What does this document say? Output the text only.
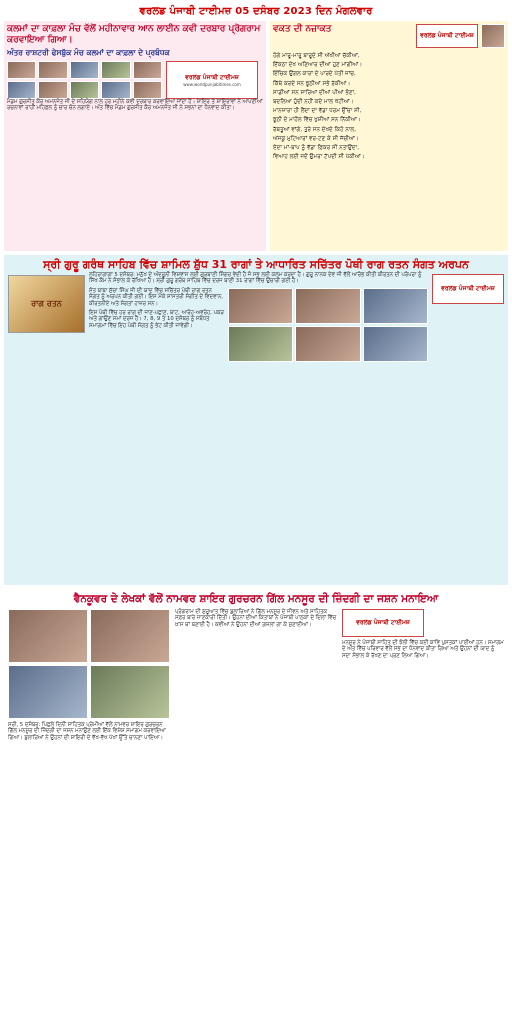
ਵਰਲਡ ਪੰਜਾਬੀ ਟਾਈਮਜ਼ 05 ਦਸੰਬਰ 2023 ਦਿਨ ਮੰਗਲਵਾਰ
ਕਲਮਾਂ ਦਾ ਕਾਫ਼ਲਾ ਮੰਚ ਵੱਲੋਂ ਮਹੀਨਾਵਾਰ ਆਨ ਲਾਈਨ ਕਵੀ ਦਰਬਾਰ ਪ੍ਰੋਗਰਾਮ ਕਰਵਾਇਆ ਗਿਆ।
ਅੰਤਰ ਰਾਸ਼ਟਰੀ ਫੇਸਬੁੱਕ ਮੰਚ ਕਲਮਾਂ ਦਾ ਕਾਫ਼ਲਾ ਦੇ ਪ੍ਰਬੰਧਕ
ਵਰਲਡ ਪੰਜਾਬੀ ਟਾਈਮਜ਼
www.worldpunjabitimes.com
ਮੈਡਮ ਗੁਰਸੀਤ ਕੌਰ ਅਮਨਜੋਤ ਜੀ ਦੇ ਸਹਿਯੋਗ ਨਾਲ ਹਰ ਮਹੀਨੇ ਕਵੀ ਦਰਬਾਰ ਕਰਵਾਇਆ ਜਾਂਦਾ ਹੈ। ਸ਼ਾਇਰ ਤੇ ਸ਼ਾਇਰਾਵਾਂ ਨੇ ਆਪਣੀਆਂ ਰਚਨਾਵਾਂ ਰਾਹੀਂ ਮਹਿਫ਼ਲ ਨੂੰ ਚਾਰ ਚੰਨ ਲਗਾਏ। ਅੰਤ ਵਿੱਚ ਮੈਡਮ ਗੁਰਸੀਤ ਕੌਰ ਅਮਨਜੋਤ ਜੀ ਨੇ ਸਭਨਾਂ ਦਾ ਧੰਨਵਾਦ ਕੀਤਾ।
ਵਕਤ ਦੀ ਨਜ਼ਾਕਤ
ਵਰਲਡ ਪੰਜਾਬੀ ਟਾਈਮਜ਼
ਹੋਗੇ ਮਾਰੂ-ਮਾਰੂ ਬਾਰੂਦੇ ਸੀ ਅੱਖੀਆਂ ਚੱਕੀਆਂ,
ਇੱਕਠਾ ਦੇਖ ਅਣਿਆਰ ਦੀਆਂ ਹੁਣ ਮਾਂਗੀਆਂ।
ਇੰਚਿਕ ਉਂਗਲ ਕਾਰਾਂ ਦੇ ਪਾਰਦੇ ਪੱਤੀ ਜ਼ਾਂਚ,
ਕਿੱਥੇ ਕਰਦੇ ਸਨ ਝੂਠੀਆਂ ਸਭੇ ਰੱਕੀਆਂ।
ਸਾਡੀਆਂ ਸਨ ਸਾਰਿਆਂ ਦੀਆਂ ਪੀਆਂ ਭੋਣਾ,
ਬਦਲਿਆ ਹੁੰਦੀ ਨਹੀਂ ਕਦੇ ਮਾਲ ਖੱਟੀਆਂ।
ਮਾਨਜ਼ਾਰਾ ਹੀ ਲੈਂਦਾ ਦਾ ਵੱਡਾ ਧਰਮ ਉੱਚਾ ਸੀ,
ਝੂਠੀ ਦੇ ਮਾਹੌਲ ਵਿੱਚ ਖੁਸ਼ੀਆਂ ਸਨ ਨਿੱਕੀਆਂ।
ਰੱਬਤੂਆਂ ਵਾਂਗੇ, ਤੁਰੇ ਸਨ ਦੇਖਦੇ ਕਿਹੋ ਨਾਲ,
ਅੱਜਕੂ ਮੁਟਿਆਰਾਂ ਵਰ-ਟਣ ਕੇ ਸੀ ਜੱਚੀਆਂ।
ਏਦਾ ਮਾਂ-ਬਾਪ ਨੂੰ ਵੱਡਾ ਫ਼ਿਕਰ ਸੀ ਨਤਾਉਂਦਾ,
ਵਿਆਹ ਲਈ ਜਦੋਂ ਉਮਰਾ ਟੱਪਦੀ ਸੀ ਪੱਕੀਆਂ।
ਸ੍ਰੀ ਗੁਰੂ ਗਰੰਥ ਸਾਹਿਬ ਵਿੱਚ ਸ਼ਾਮਿਲ ਸ਼ੁੱਧ 31 ਰਾਗਾਂ ਤੇ ਆਧਾਰਿਤ ਸਚਿੱਤਰ ਪੋਥੀ ਰਾਗ ਰਤਨ ਸੰਗਤ ਅਰਪਨ
ਵਰਲਡ ਪੰਜਾਬੀ ਟਾਈਮਜ਼
ਰਾਗ ਰਤਨ
ਲਹਿਰਾਗਾਗਾ 5 ਦਸੰਬਰ: ਮਨੁੱਖ ਦੇ ਅੰਦਰੂਨੀ ਵਿਸ਼ਵਾਸ ਲਈ ਗੁਰਬਾਣੀ ਸਿੰਗਰ ਵੇਦੀ ਹੈ ਜੋ ਸਭ ਲਈ ਕਲਮ ਕਰਦਾ ਹੈ। ਗੁਰੂ ਨਾਨਕ ਦੇਵ ਜੀ ਵੱਲੋਂ ਆਰੰਭ ਕੀਤੀ ਕੀਰਤਨ ਦੀ ਪਰੰਪਰਾ ਨੂੰ ਸਿੱਖ ਕੌਮ ਨੇ ਸੰਭਾਲ ਕੇ ਰੱਖਿਆ ਹੈ। ਸ੍ਰੀ ਗੁਰੂ ਗਰੰਥ ਸਾਹਿਬ ਵਿੱਚ ਦਰਜ ਬਾਣੀ 31 ਰਾਗਾਂ ਵਿੱਚ ਉਚਾਰੀ ਗਈ ਹੈ।
ਸੰਤ ਬਾਬਾ ਸੁੱਚਾ ਸਿੰਘ ਜੀ ਦੀ ਯਾਦ ਵਿੱਚ ਸਚਿੱਤਰ ਪੋਥੀ ਰਾਗ ਰਤਨ ਸੰਗਤ ਨੂੰ ਅਰਪਨ ਕੀਤੀ ਗਈ। ਇਸ ਮੌਕੇ ਸ਼ਾਸਤਰੀ ਸੰਗੀਤ ਦੇ ਵਿਦਵਾਨ, ਕੀਰਤਨੀਏ ਅਤੇ ਸੰਗਤਾਂ ਹਾਜ਼ਰ ਸਨ।
ਇਸ ਪੋਥੀ ਵਿੱਚ ਹਰ ਰਾਗ ਦੀ ਜਾਣ-ਪਛਾਣ, ਥਾਟ, ਆਰੋਹ-ਅਵਰੋਹ, ਪਕੜ ਅਤੇ ਗਾਉਣ ਸਮਾਂ ਦਰਜ ਹੈ। 7, 8, 9 ਤੇ 10 ਦਸੰਬਰ ਨੂੰ ਸਬੰਧਤ ਸਮਾਗਮਾਂ ਵਿੱਚ ਇਹ ਪੋਥੀ ਸੰਗਤ ਨੂੰ ਭੇਟ ਕੀਤੀ ਜਾਵੇਗੀ।
ਵੈਨਕੂਵਰ ਦੇ ਲੇਖਕਾਂ ਵੱਲੋਂ ਨਾਮਵਰ ਸ਼ਾਇਰ ਗੁਰਚਰਨ ਗਿੱਲ ਮਨਸੂਰ ਦੀ ਜ਼ਿੰਦਗੀ ਦਾ ਜਸ਼ਨ ਮਨਾਇਆ
ਸਰੀ, 5 ਦਸੰਬਰ: ਪਿਛਲੇ ਦਿਨੀਂ ਸਾਹਿਤਕ ਪ੍ਰੇਮੀਆਂ ਵੱਲੋਂ ਨਾਮਵਰ ਸ਼ਾਇਰ ਗੁਰਚਰਨ ਗਿੱਲ ਮਨਸੂਰ ਦੀ ਜ਼ਿੰਦਗੀ ਦਾ ਜਸ਼ਨ ਮਨਾਉਣ ਲਈ ਇੱਕ ਵਿਸ਼ੇਸ਼ ਸਮਾਗਮ ਕਰਵਾਇਆ ਗਿਆ। ਬੁਲਾਰਿਆਂ ਨੇ ਉਹਨਾਂ ਦੀ ਸ਼ਾਇਰੀ ਦੇ ਵੱਖ-ਵੱਖ ਪੱਖਾਂ ਉੱਤੇ ਚਾਨਣਾ ਪਾਇਆ।
ਪ੍ਰੋਗਰਾਮ ਦੀ ਸ਼ੁਰੂਆਤ ਵਿੱਚ ਬੁਲਾਰਿਆਂ ਨੇ ਗਿੱਲ ਮਨਸੂਰ ਦੇ ਜੀਵਨ ਅਤੇ ਸਾਹਿਤਕ ਸਫ਼ਰ ਬਾਰੇ ਜਾਣਕਾਰੀ ਦਿੱਤੀ। ਉਹਨਾਂ ਦੀਆਂ ਕਿਤਾਬਾਂ ਨੇ ਪੰਜਾਬੀ ਪਾਠਕਾਂ ਦੇ ਦਿਲਾਂ ਵਿੱਚ ਖ਼ਾਸ ਥਾਂ ਬਣਾਈ ਹੈ। ਕਵੀਆਂ ਨੇ ਉਹਨਾਂ ਦੀਆਂ ਗ਼ਜ਼ਲਾਂ ਗਾ ਕੇ ਸੁਣਾਈਆਂ।	ਵਰਲਡ ਪੰਜਾਬੀ ਟਾਈਮਜ਼
ਮਨਸੂਰ ਨੇ ਪੰਜਾਬੀ ਸਾਹਿਤ ਦੀ ਝੋਲੀ ਵਿੱਚ ਕਈ ਕਾਵਿ ਪੁਸਤਕਾਂ ਪਾਈਆਂ ਹਨ। ਸਮਾਗਮ ਦੇ ਅੰਤ ਵਿੱਚ ਪਰਿਵਾਰ ਵੱਲੋਂ ਸਭ ਦਾ ਧੰਨਵਾਦ ਕੀਤਾ ਗਿਆ ਅਤੇ ਉਹਨਾਂ ਦੀ ਯਾਦ ਨੂੰ ਸਦਾ ਸੰਭਾਲ ਕੇ ਰੱਖਣ ਦਾ ਪ੍ਰਣ ਲਿਆ ਗਿਆ।
